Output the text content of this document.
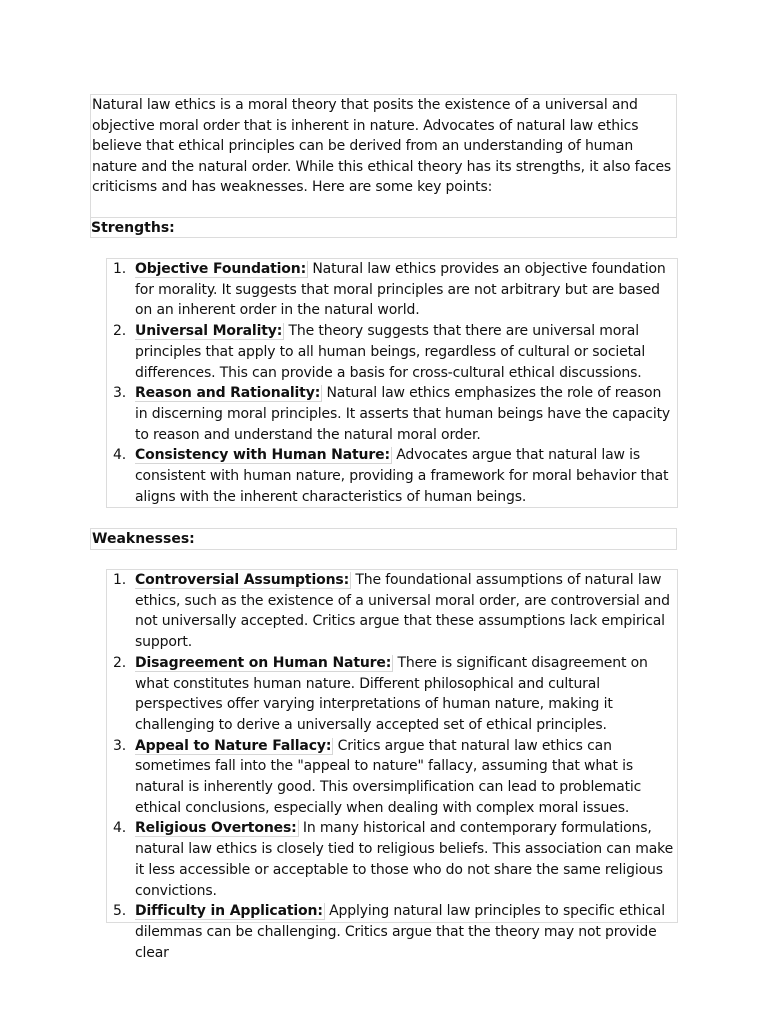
Natural law ethics is a moral theory that posits the existence of a universal and objective moral order that is inherent in nature. Advocates of natural law ethics believe that ethical principles can be derived from an understanding of human nature and the natural order. While this ethical theory has its strengths, it also faces criticisms and has weaknesses. Here are some key points:

Strengths:
1. Objective Foundation: Natural law ethics provides an objective foundation for morality. It suggests that moral principles are not arbitrary but are based on an inherent order in the natural world.
2. Universal Morality: The theory suggests that there are universal moral principles that apply to all human beings, regardless of cultural or societal differences. This can provide a basis for cross-cultural ethical discussions.
3. Reason and Rationality: Natural law ethics emphasizes the role of reason in discerning moral principles. It asserts that human beings have the capacity to reason and understand the natural moral order.
4. Consistency with Human Nature: Advocates argue that natural law is consistent with human nature, providing a framework for moral behavior that aligns with the inherent characteristics of human beings.
Weaknesses:
1. Controversial Assumptions: The foundational assumptions of natural law ethics, such as the existence of a universal moral order, are controversial and not universally accepted. Critics argue that these assumptions lack empirical support.
2. Disagreement on Human Nature: There is significant disagreement on what constitutes human nature. Different philosophical and cultural perspectives offer varying interpretations of human nature, making it challenging to derive a universally accepted set of ethical principles.
3. Appeal to Nature Fallacy: Critics argue that natural law ethics can sometimes fall into the "appeal to nature" fallacy, assuming that what is natural is inherently good. This oversimplification can lead to problematic ethical conclusions, especially when dealing with complex moral issues.
4. Religious Overtones: In many historical and contemporary formulations, natural law ethics is closely tied to religious beliefs. This association can make it less accessible or acceptable to those who do not share the same religious convictions.
5. Difficulty in Application: Applying natural law principles to specific ethical dilemmas can be challenging. Critics argue that the theory may not provide clear
